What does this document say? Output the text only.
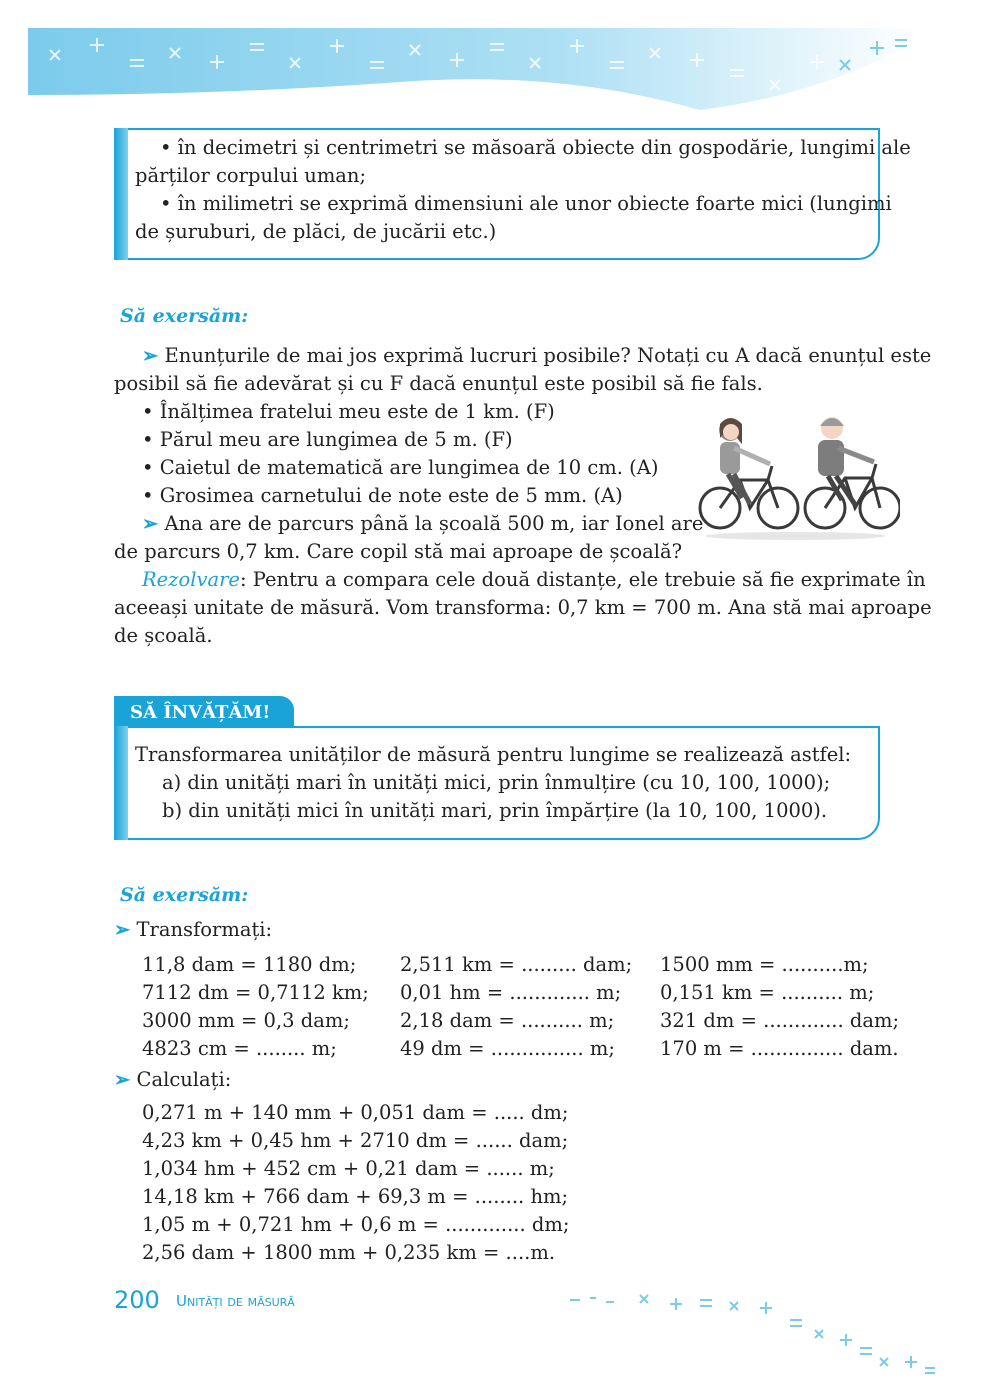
• în decimetri și centrimetri se măsoară obiecte din gospodărie, lungimi ale
părților corpului uman;
• în milimetri se exprimă dimensiuni ale unor obiecte foarte mici (lungimi
de șuruburi, de plăci, de jucării etc.)
Să exersăm:
➢ Enunțurile de mai jos exprimă lucruri posibile? Notați cu A dacă enunțul este
posibil să fie adevărat și cu F dacă enunțul este posibil să fie fals.
• Înălțimea fratelui meu este de 1 km. (F)
• Părul meu are lungimea de 5 m. (F)
• Caietul de matematică are lungimea de 10 cm. (A)
• Grosimea carnetului de note este de 5 mm. (A)
➢ Ana are de parcurs până la școală 500 m, iar Ionel are
de parcurs 0,7 km. Care copil stă mai aproape de școală?
Rezolvare: Pentru a compara cele două distanțe, ele trebuie să fie exprimate în
aceeași unitate de măsură. Vom transforma: 0,7 km = 700 m. Ana stă mai aproape
de școală.
SĂ ÎNVĂȚĂM!
Transformarea unităților de măsură pentru lungime se realizează astfel:
a) din unități mari în unități mici, prin înmulțire (cu 10, 100, 1000);
b) din unități mici în unități mari, prin împărțire (la 10, 100, 1000).
Să exersăm:
➢ Transformați:
11,8 dam = 1180 dm; 2,511 km = ......... dam; 1500 mm = ..........m;
7112 dm = 0,7112 km; 0,01 hm = ............. m; 0,151 km = .......... m;
3000 mm = 0,3 dam;	2,18 dam = .......... m; 321 dm = ............. dam;
4823 cm = ........ m;	49 dm = ............... m; 170 m = ............... dam.
➢ Calculați:
0,271 m + 140 mm + 0,051 dam = ..... dm;
4,23 km + 0,45 hm + 2710 dm = ...... dam;
1,034 hm + 452 cm + 0,21 dam = ...... m;
14,18 km + 766 dam + 69,3 m = ........ hm;
1,05 m + 0,721 hm + 0,6 m = ............. dm;
2,56 dam + 1800 mm + 0,235 km = ....m.
200 Unități de măsură
